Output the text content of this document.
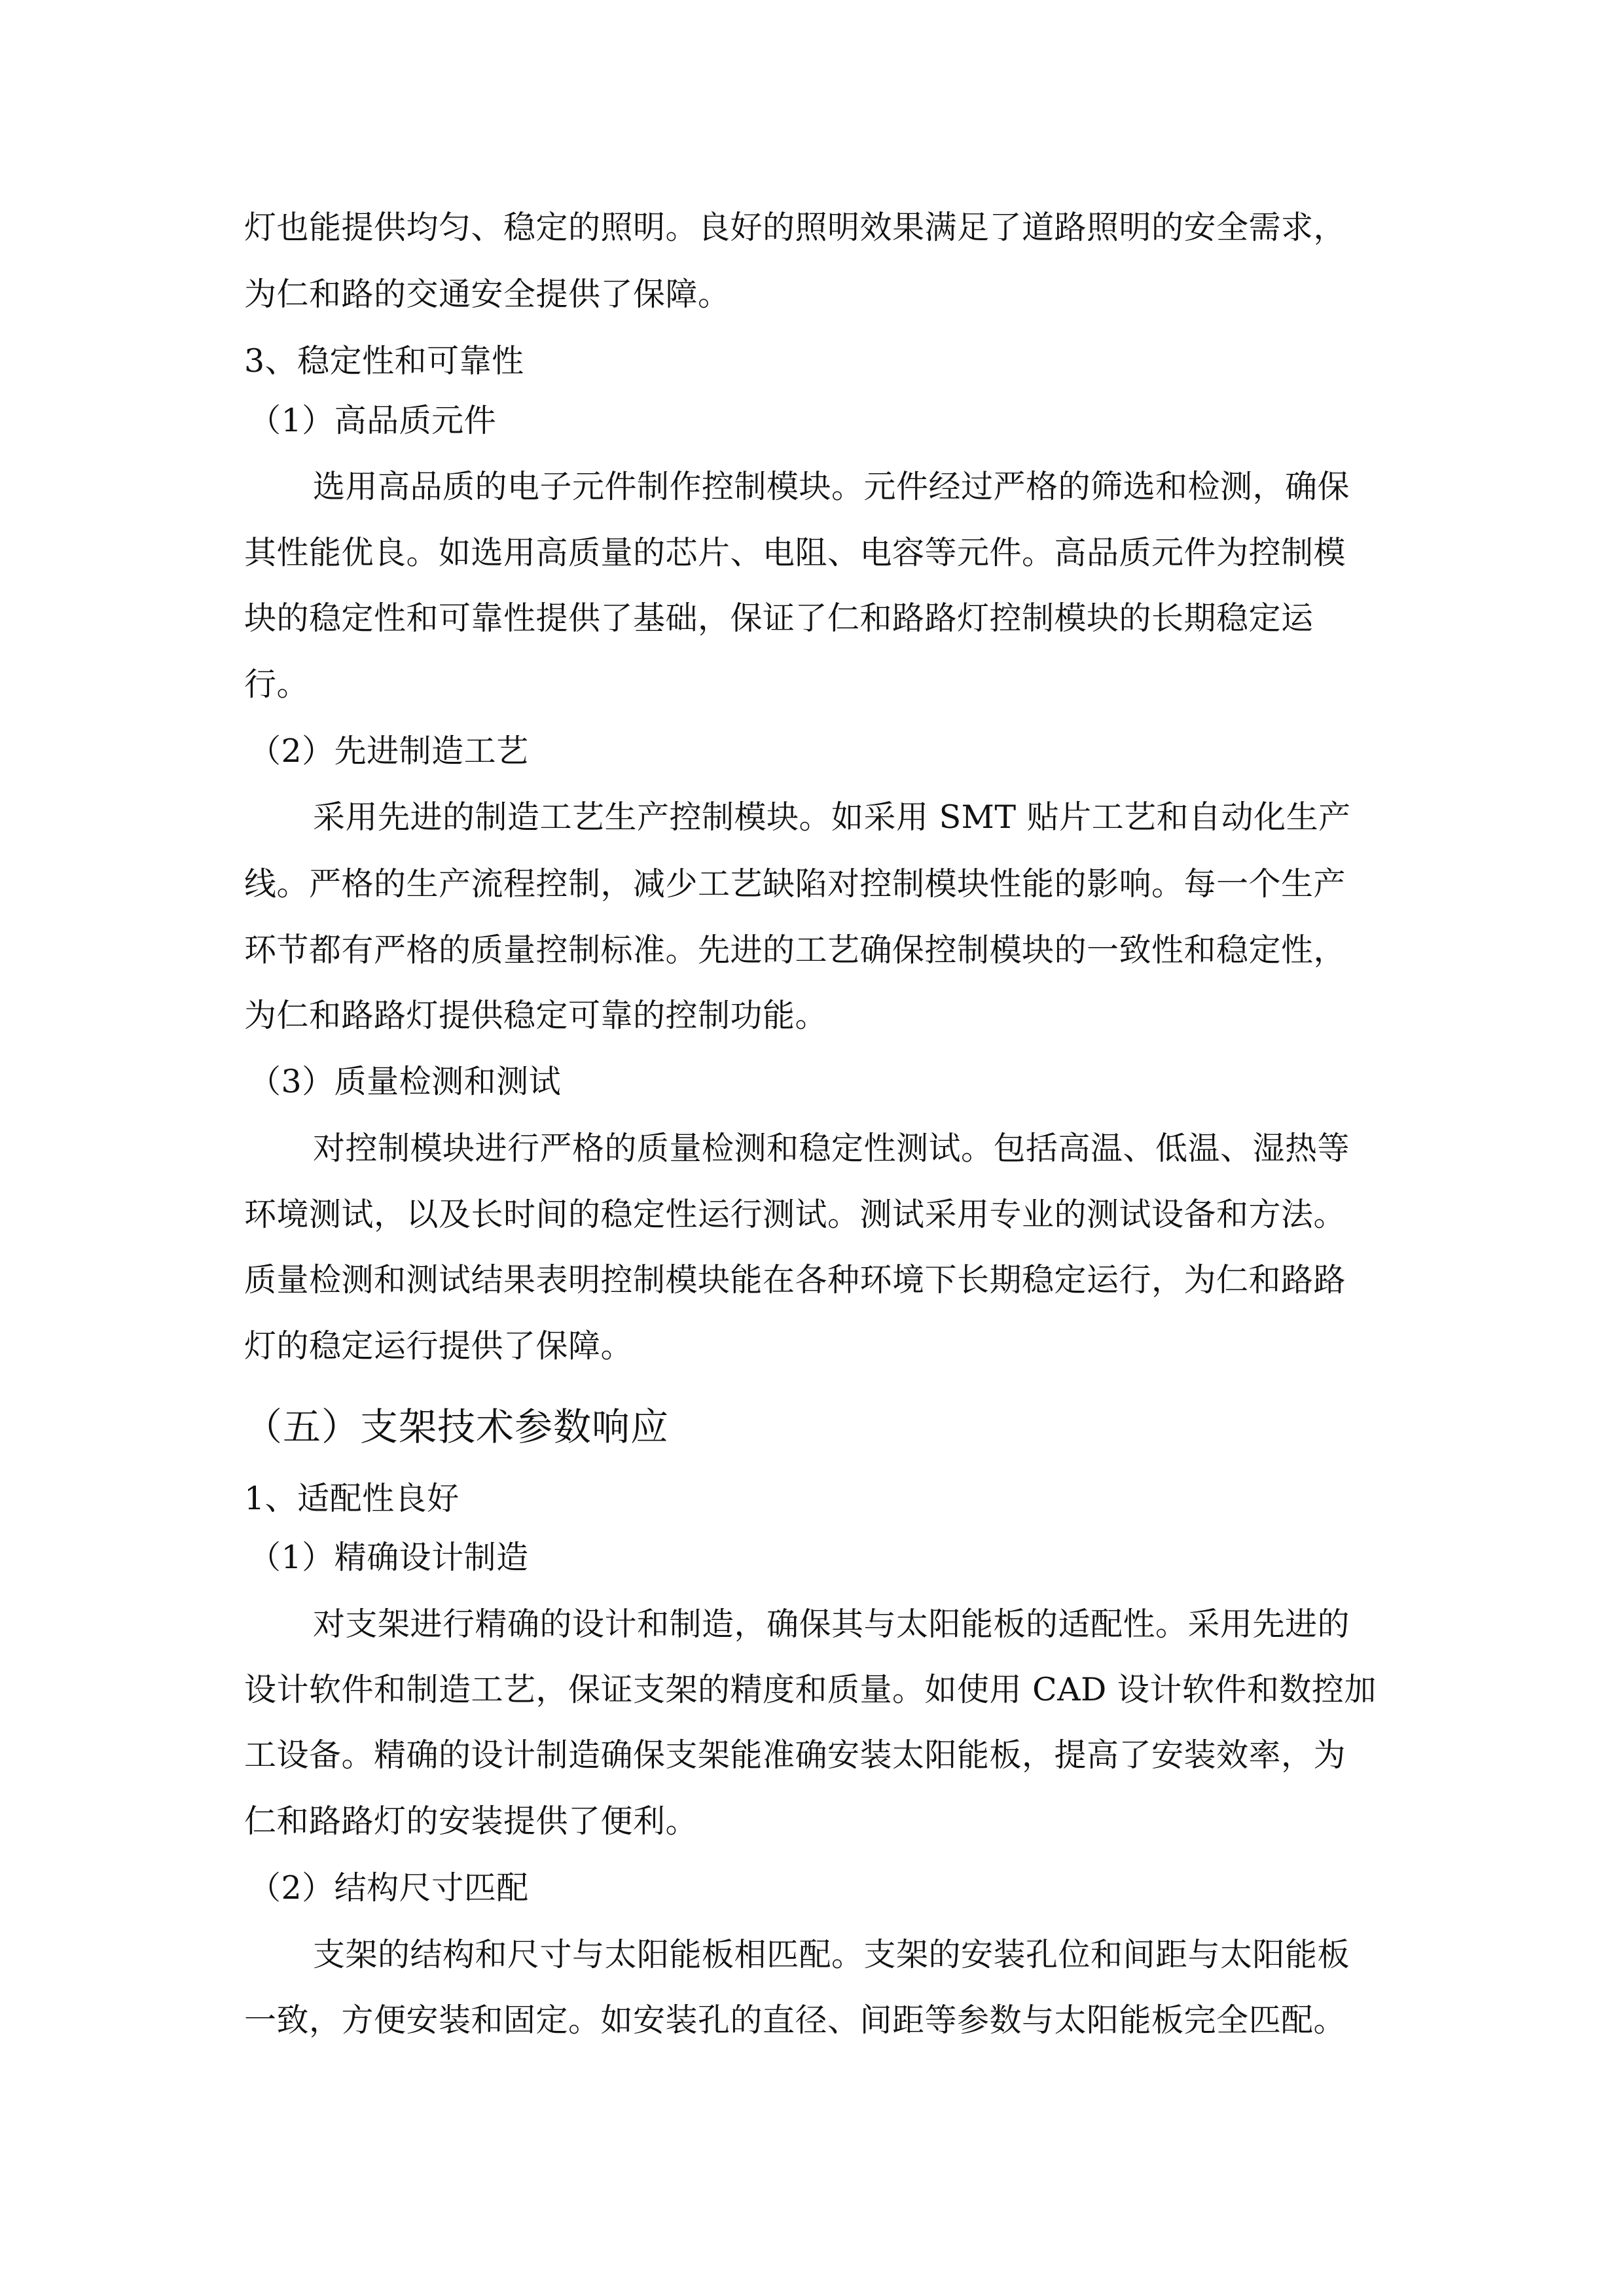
灯也能提供均匀、稳定的照明。良好的照明效果满足了道路照明的安全需求，
为仁和路的交通安全提供了保障。
3、稳定性和可靠性
（1）高品质元件
选用高品质的电子元件制作控制模块。元件经过严格的筛选和检测，确保
其性能优良。如选用高质量的芯片、电阻、电容等元件。高品质元件为控制模
块的稳定性和可靠性提供了基础，保证了仁和路路灯控制模块的长期稳定运
行。
（2）先进制造工艺
采用先进的制造工艺生产控制模块。如采用 SMT 贴片工艺和自动化生产
线。严格的生产流程控制，减少工艺缺陷对控制模块性能的影响。每一个生产
环节都有严格的质量控制标准。先进的工艺确保控制模块的一致性和稳定性，
为仁和路路灯提供稳定可靠的控制功能。
（3）质量检测和测试
对控制模块进行严格的质量检测和稳定性测试。包括高温、低温、湿热等
环境测试，以及长时间的稳定性运行测试。测试采用专业的测试设备和方法。
质量检测和测试结果表明控制模块能在各种环境下长期稳定运行，为仁和路路
灯的稳定运行提供了保障。
（五）支架技术参数响应
1、适配性良好
（1）精确设计制造
对支架进行精确的设计和制造，确保其与太阳能板的适配性。采用先进的
设计软件和制造工艺，保证支架的精度和质量。如使用 CAD 设计软件和数控加
工设备。精确的设计制造确保支架能准确安装太阳能板，提高了安装效率，为
仁和路路灯的安装提供了便利。
（2）结构尺寸匹配
支架的结构和尺寸与太阳能板相匹配。支架的安装孔位和间距与太阳能板
一致，方便安装和固定。如安装孔的直径、间距等参数与太阳能板完全匹配。
